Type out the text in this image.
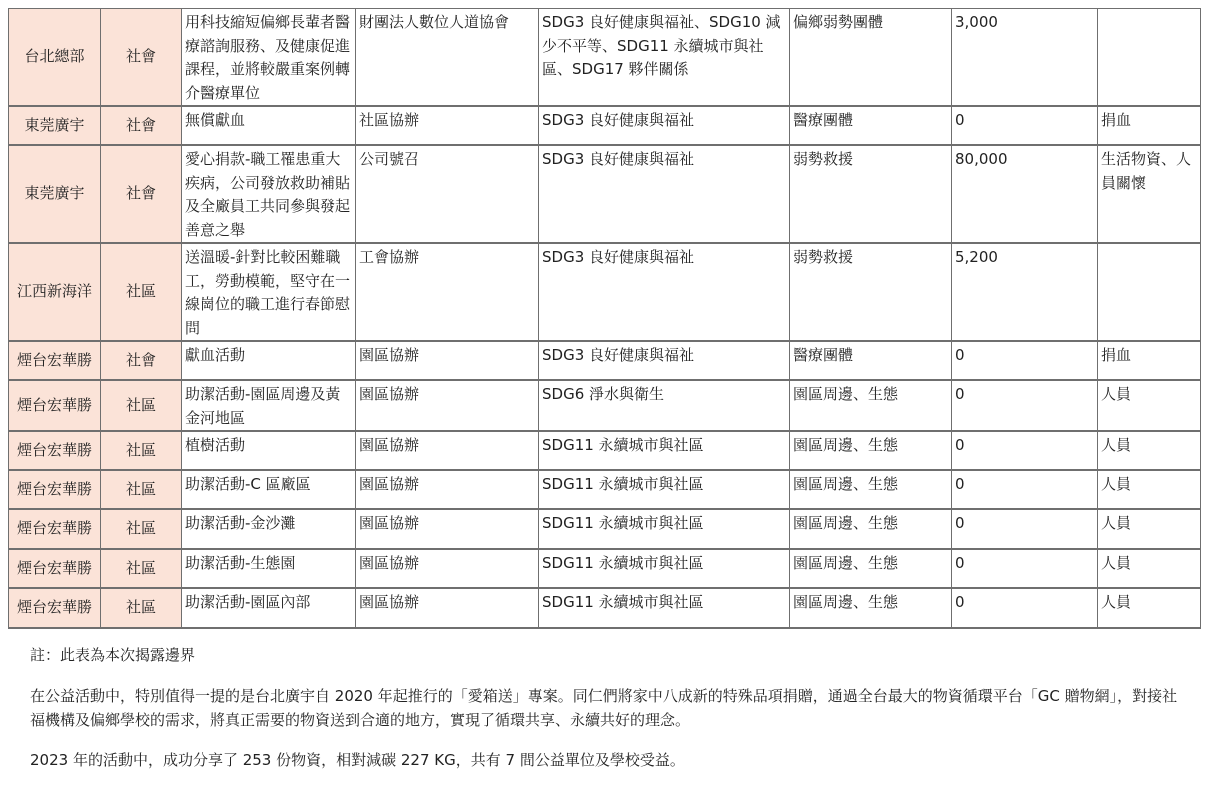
台北總部	社會	用科技縮短偏鄉長輩者醫療諮詢服務、及健康促進課程，並將較嚴重案例轉介醫療單位	財團法人數位人道協會	SDG3 良好健康與福祉、SDG10 減少不平等、SDG11 永續城市與社區、SDG17 夥伴關係	偏鄉弱勢團體	3,000	
東莞廣宇	社會	無償獻血	社區協辦	SDG3 良好健康與福祉	醫療團體	0	捐血
東莞廣宇	社會	愛心捐款-職工罹患重大疾病，公司發放救助補貼及全廠員工共同參與發起善意之舉	公司號召	SDG3 良好健康與福祉	弱勢救援	80,000	生活物資、人員關懷
江西新海洋	社區	送溫暖-針對比較困難職工，勞動模範，堅守在一線崗位的職工進行春節慰問	工會協辦	SDG3 良好健康與福祉	弱勢救援	5,200	
煙台宏華勝	社會	獻血活動	園區協辦	SDG3 良好健康與福祉	醫療團體	0	捐血
煙台宏華勝	社區	助潔活動-園區周邊及黃金河地區	園區協辦	SDG6 淨水與衛生	園區周邊、生態	0	人員
煙台宏華勝	社區	植樹活動	園區協辦	SDG11 永續城市與社區	園區周邊、生態	0	人員
煙台宏華勝	社區	助潔活動-C 區廠區	園區協辦	SDG11 永續城市與社區	園區周邊、生態	0	人員
煙台宏華勝	社區	助潔活動-金沙灘	園區協辦	SDG11 永續城市與社區	園區周邊、生態	0	人員
煙台宏華勝	社區	助潔活動-生態園	園區協辦	SDG11 永續城市與社區	園區周邊、生態	0	人員
煙台宏華勝	社區	助潔活動-園區內部	園區協辦	SDG11 永續城市與社區	園區周邊、生態	0	人員

註：此表為本次揭露邊界

在公益活動中，特別值得一提的是台北廣宇自 2020 年起推行的「愛箱送」專案。同仁們將家中八成新的特殊品項捐贈，通過全台最大的物資循環平台「GC 贈物網」，對接社福機構及偏鄉學校的需求，將真正需要的物資送到合適的地方，實現了循環共享、永續共好的理念。

2023 年的活動中，成功分享了 253 份物資，相對減碳 227 KG，共有 7 間公益單位及學校受益。
